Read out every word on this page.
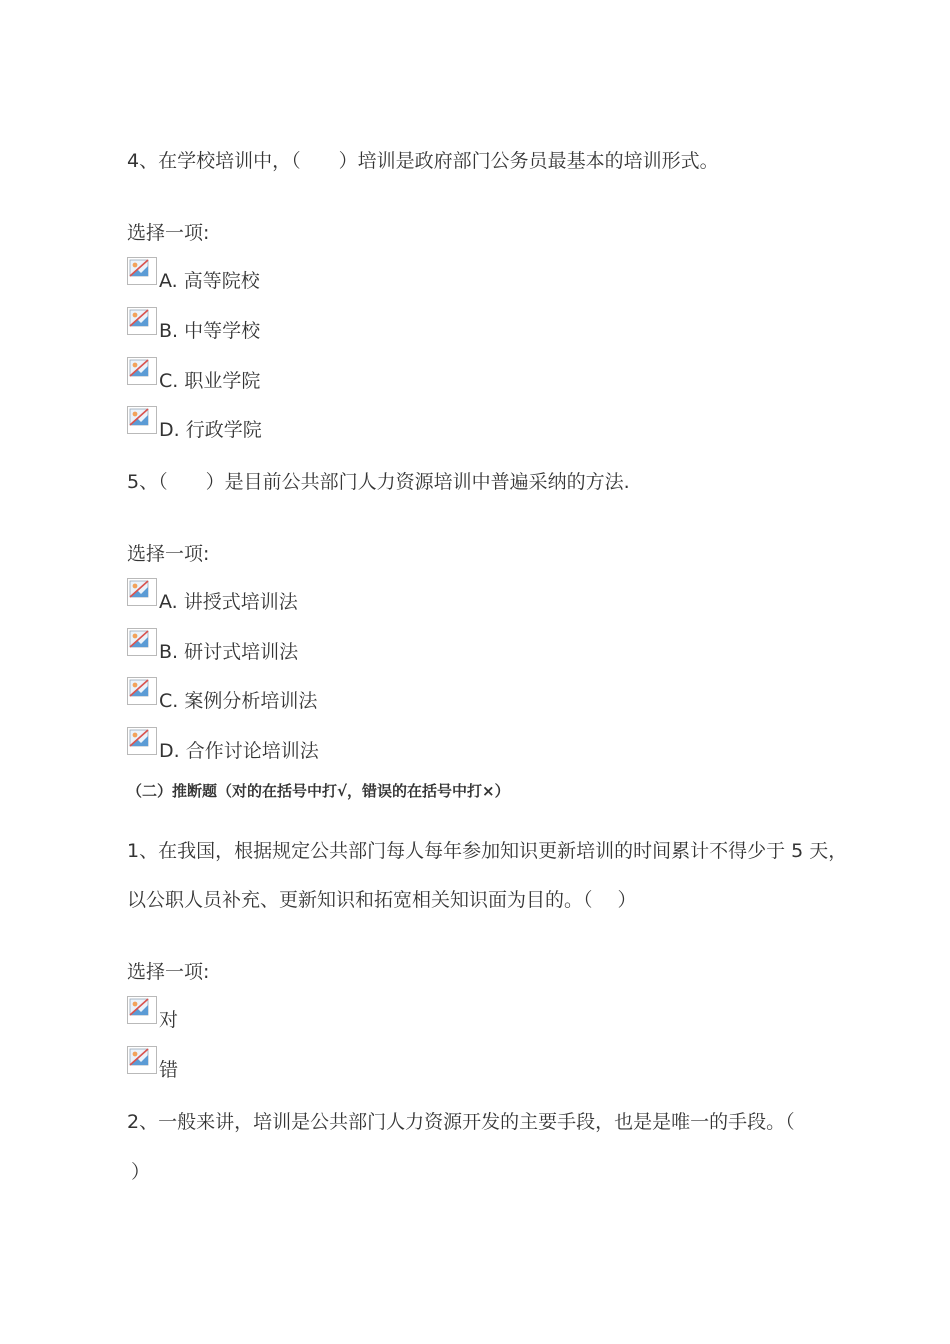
4、在学校培训中，（　　）培训是政府部门公务员最基本的培训形式。
选择一项:
A. 高等院校
B. 中等学校
C. 职业学院
D. 行政学院
5、（　　）是目前公共部门人力资源培训中普遍采纳的方法.
选择一项:
A. 讲授式培训法
B. 研讨式培训法
C. 案例分析培训法
D. 合作讨论培训法
（二）推断题（对的在括号中打√，错误的在括号中打×）
1、在我国，根据规定公共部门每人每年参加知识更新培训的时间累计不得少于 5 天，
以公职人员补充、更新知识和拓宽相关知识面为目的。（　 ）
选择一项:
对
错
2、一般来讲，培训是公共部门人力资源开发的主要手段，也是是唯一的手段。（
）
